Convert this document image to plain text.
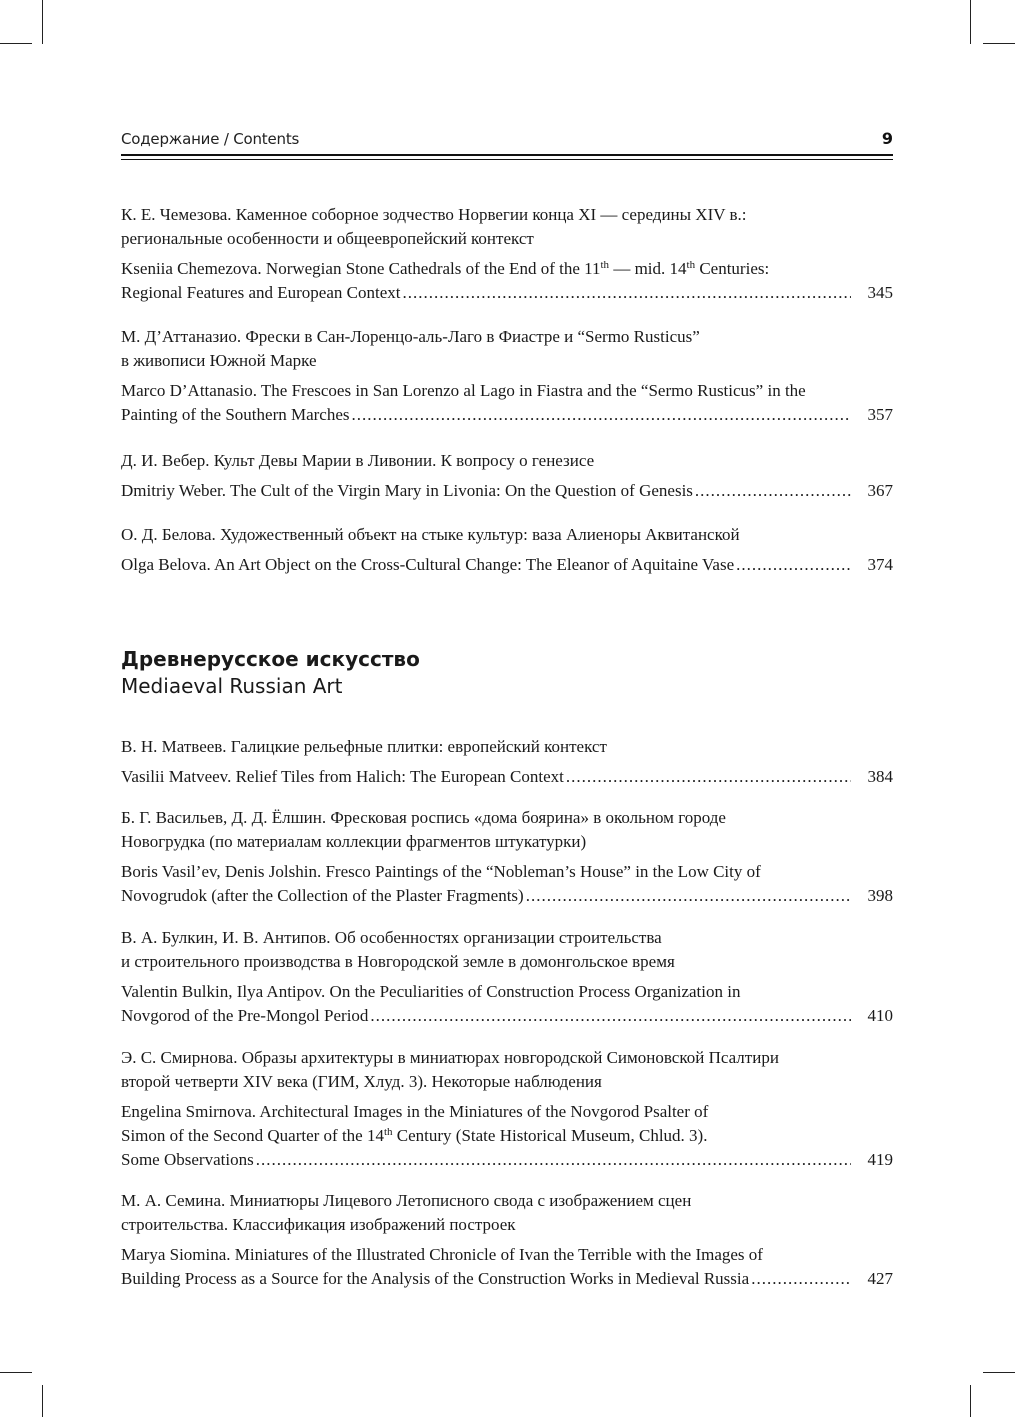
Содержание / Contents	9

К. Е. Чемезова. Каменное соборное зодчество Норвегии конца XI — середины XIV в.: региональные особенности и общеевропейский контекст

Kseniia Chemezova. Norwegian Stone Cathedrals of the End of the 11th — mid. 14th Centuries:

Regional Features and European Context .....	345
М. Д’Аттаназио. Фрески в Сан-Лоренцо-аль-Лаго в Фиастре и “Sermo Rusticus”
в живописи Южной Марке

Marco D’Attanasio. The Frescoes in San Lorenzo al Lago in Fiastra and the “Sermo Rusticus” in the

Painting of the Southern Marches .....	357

Д. И. Вебер. Культ Девы Марии в Ливонии. К вопросу о генезисе

Dmitriy Weber. The Cult of the Virgin Mary in Livonia: On the Question of Genesis .....	367

О. Д. Белова. Художественный объект на стыке культур: ваза Алиеноры Аквитанской

Olga Belova. An Art Object on the Cross-Cultural Change: The Eleanor of Aquitaine Vase .....	374
Древнерусское искусство
Mediaeval Russian Art

В. Н. Матвеев. Галицкие рельефные плитки: европейский контекст

Vasilii Matveev. Relief Tiles from Halich: The European Context .....	384
Б. Г. Васильев, Д. Д. Ёлшин. Фресковая роспись «дома боярина» в окольном городе
Новогрудка (по материалам коллекции фрагментов штукатурки)

Boris Vasil’ev, Denis Jolshin. Fresco Paintings of the “Nobleman’s House” in the Low City of

Novogrudok (after the Collection of the Plaster Fragments) .....	398
В. А. Булкин, И. В. Антипов. Об особенностях организации строительства
и строительного производства в Новгородской земле в домонгольское время

Valentin Bulkin, Ilya Antipov. On the Peculiarities of Construction Process Organization in

Novgorod of the Pre-Mongol Period .....	410
Э. С. Смирнова. Образы архитектуры в миниатюрах новгородской Симоновской Псалтири
второй четверти XIV века (ГИМ, Хлуд. 3). Некоторые наблюдения

Engelina Smirnova. Architectural Images in the Miniatures of the Novgorod Psalter of

Simon of the Second Quarter of the 14th Century (State Historical Museum, Chlud. 3).

Some Observations .....	419
М. А. Семина. Миниатюры Лицевого Летописного свода с изображением сцен
строительства. Классификация изображений построек

Marya Siomina. Miniatures of the Illustrated Chronicle of Ivan the Terrible with the Images of

Building Process as a Source for the Analysis of the Construction Works in Medieval Russia .....	427
